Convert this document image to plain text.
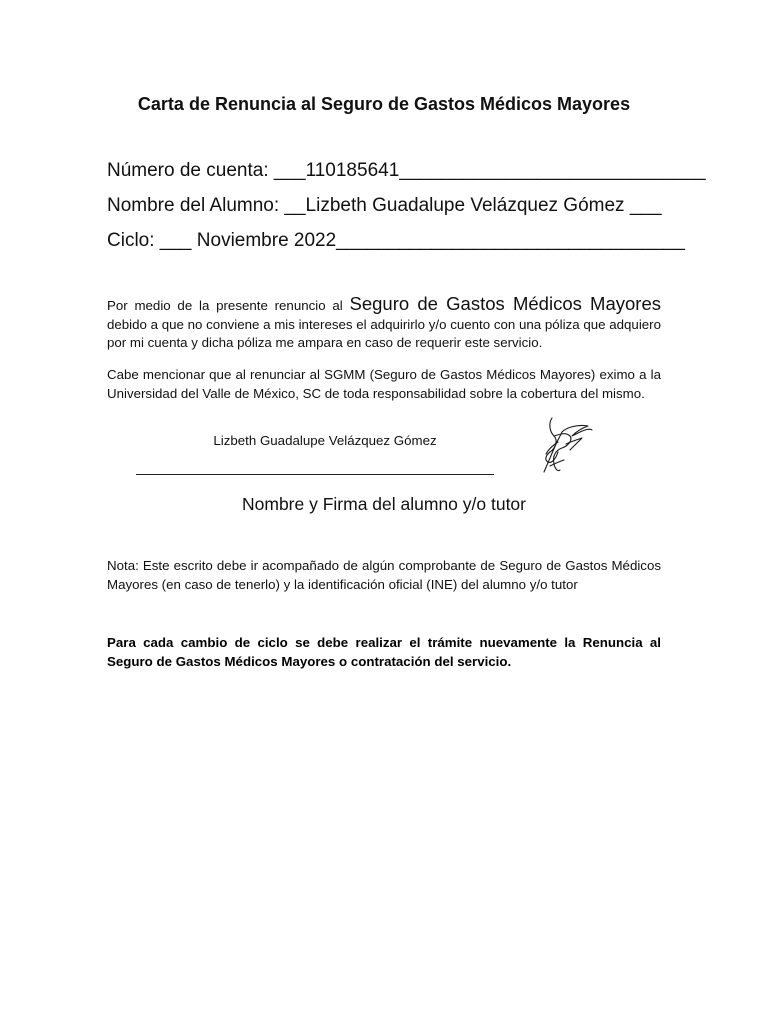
Carta de Renuncia al Seguro de Gastos Médicos Mayores
Número de cuenta: ___110185641_____________________________
Nombre del Alumno: __Lizbeth Guadalupe Velázquez Gómez ___
Ciclo: ___ Noviembre 2022_________________________________

Por medio de la presente renuncio al Seguro de Gastos Médicos Mayores debido a que no conviene a mis intereses el adquirirlo y/o cuento con una póliza que adquiero por mi cuenta y dicha póliza me ampara en caso de requerir este servicio.

Cabe mencionar que al renunciar al SGMM (Seguro de Gastos Médicos Mayores) eximo a la Universidad del Valle de México, SC de toda responsabilidad sobre la cobertura del mismo.

Lizbeth Guadalupe Velázquez Gómez
Nombre y Firma del alumno y/o tutor

Nota: Este escrito debe ir acompañado de algún comprobante de Seguro de Gastos Médicos Mayores (en caso de tenerlo) y la identificación oficial (INE) del alumno y/o tutor

Para cada cambio de ciclo se debe realizar el trámite nuevamente la Renuncia al Seguro de Gastos Médicos Mayores o contratación del servicio.
